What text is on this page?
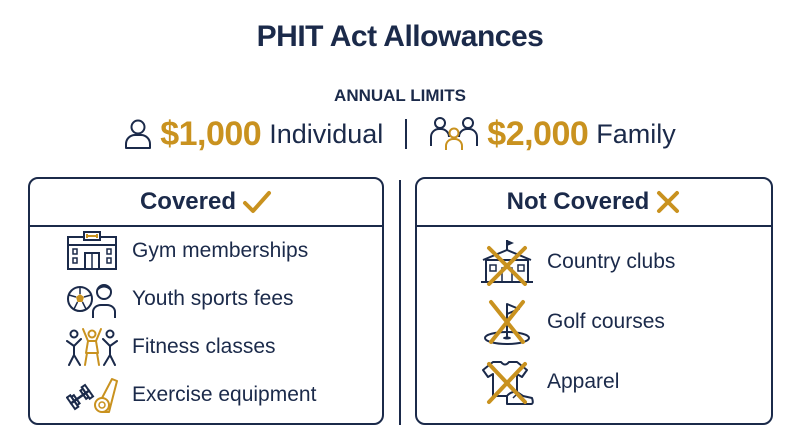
PHIT Act Allowances
ANNUAL LIMITS
$1,000 Individual	$2,000 Family
Covered
Gym memberships
Youth sports fees
Fitness classes
Exercise equipment
Not Covered
Country clubs
Golf courses
Apparel
